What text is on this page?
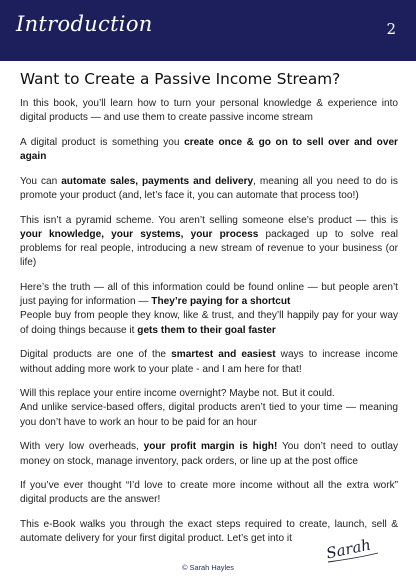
Introduction	2
Want to Create a Passive Income Stream?

In this book, you’ll learn how to turn your personal knowledge & experience into digital products — and use them to create passive income stream

A digital product is something you create once & go on to sell over and over again

You can automate sales, payments and delivery, meaning all you need to do is promote your product (and, let’s face it, you can automate that process too!)

This isn’t a pyramid scheme. You aren’t selling someone else’s product — this is your knowledge, your systems, your process packaged up to solve real problems for real people, introducing a new stream of revenue to your business (or life)

Here’s the truth — all of this information could be found online — but people aren’t just paying for information — They’re paying for a shortcut

People buy from people they know, like & trust, and they’ll happily pay for your way of doing things because it gets them to their goal faster

Digital products are one of the smartest and easiest ways to increase income without adding more work to your plate - and I am here for that!

Will this replace your entire income overnight? Maybe not. But it could.

And unlike service-based offers, digital products aren’t tied to your time — meaning you don’t have to work an hour to be paid for an hour

With very low overheads, your profit margin is high! You don’t need to outlay money on stock, manage inventory, pack orders, or line up at the post office

If you’ve ever thought “I’d love to create more income without all the extra work” digital products are the answer!

This e-Book walks you through the exact steps required to create, launch, sell & automate delivery for your first digital product. Let’s get into it	Sarah
© Sarah Hayles
